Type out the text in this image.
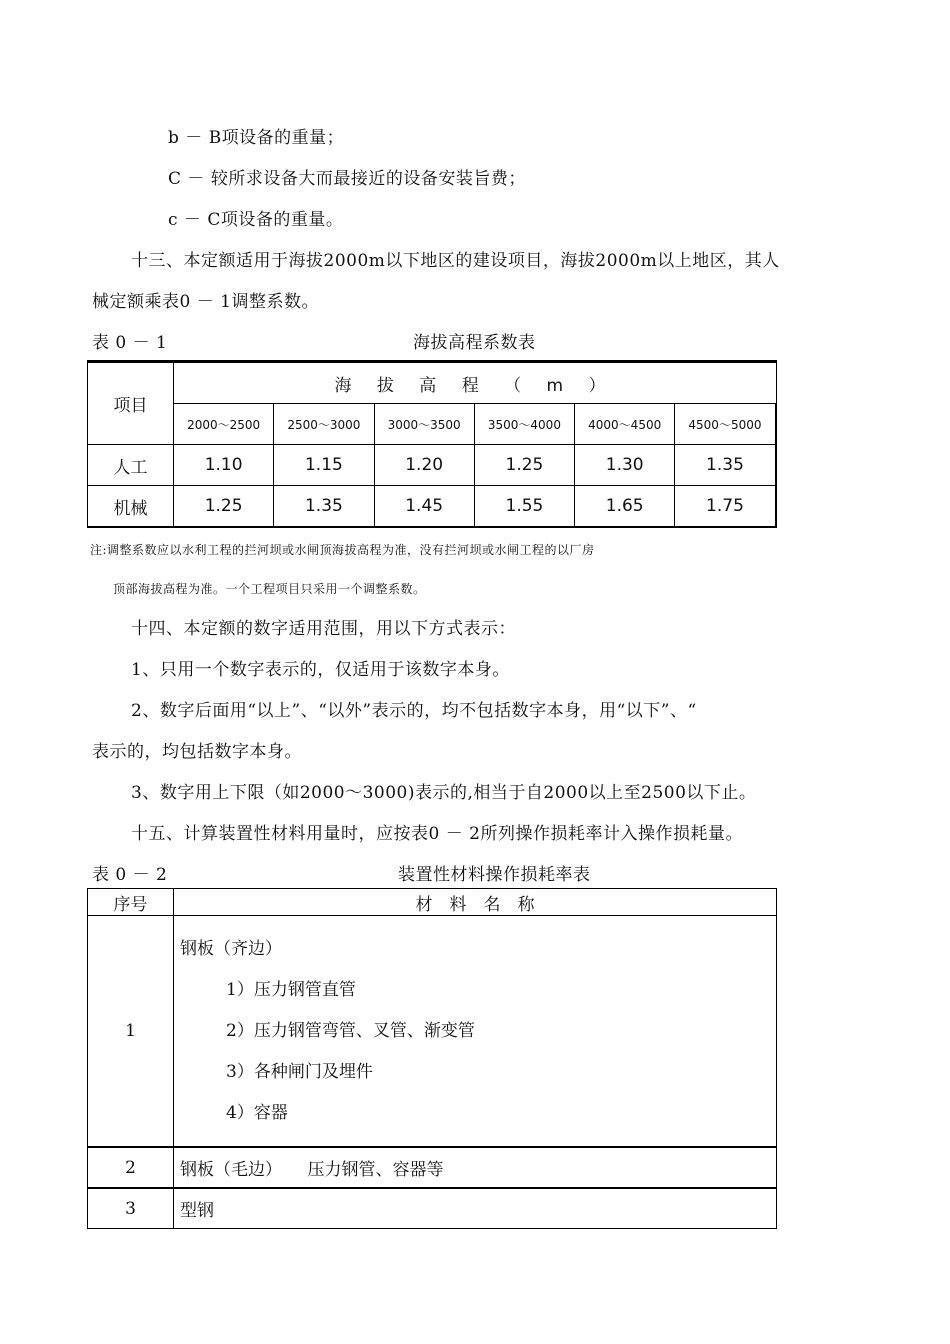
b － B项设备的重量；
C － 较所求设备大而最接近的设备安装旨费；
c － C项设备的重量。
十三、本定额适用于海拔2000m以下地区的建设项目，海拔2000m以上地区，其人
械定额乘表0 － 1调整系数。
表 0 － 1	海拔高程系数表
项目	海 拔 高 程 （ m ）						
	2000～2500	2500～3000	3000～3500	3500～4000	4000～4500	4500～5000	
人工	1.10	1.15	1.20	1.25	1.30	1.35	
机械	1.25	1.35	1.45	1.55	1.65	1.75	
注:调整系数应以水利工程的拦河坝或水闸顶海拔高程为准，没有拦河坝或水闸工程的以厂房
顶部海拔高程为准。一个工程项目只采用一个调整系数。
十四、本定额的数字适用范围，用以下方式表示：
1、只用一个数字表示的，仅适用于该数字本身。
2、数字后面用“以上”、“以外”表示的，均不包括数字本身，用“以下”、“
表示的，均包括数字本身。
3、数字用上下限（如2000～3000)表示的,相当于自2000以上至2500以下止。
十五、计算装置性材料用量时，应按表0 － 2所列操作损耗率计入操作损耗量。
表 0 － 2	装置性材料操作损耗率表
序号	材　料　名　称
1	钢板（齐边）
1）压力钢管直管
2）压力钢管弯管、叉管、渐变管
3）各种闸门及埋件
4）容器

2	钢板（毛边）　　压力钢管、容器等
3	型钢
